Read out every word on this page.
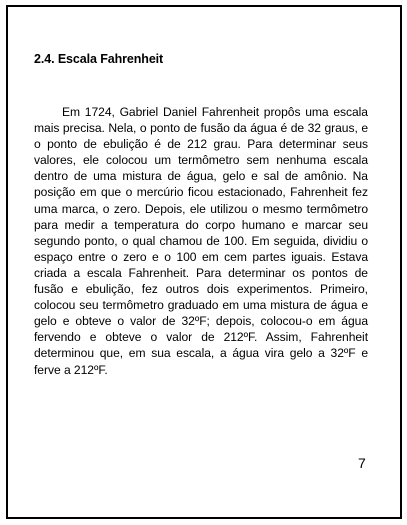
2.4. Escala Fahrenheit

Em 1724, Gabriel Daniel Fahrenheit propôs uma escala mais precisa. Nela, o ponto de fusão da água é de 32 graus, e o ponto de ebulição é de 212 grau. Para determinar seus valores, ele colocou um termômetro sem nenhuma escala dentro de uma mistura de água, gelo e sal de amônio. Na posição em que o mercúrio ficou estacionado, Fahrenheit fez uma marca, o zero. Depois, ele utilizou o mesmo termômetro para medir a temperatura do corpo humano e marcar seu segundo ponto, o qual chamou de 100. Em seguida, dividiu o espaço entre o zero e o 100 em cem partes iguais. Estava criada a escala Fahrenheit. Para determinar os pontos de fusão e ebulição, fez outros dois experimentos. Primeiro, colocou seu termômetro graduado em uma mistura de água e gelo e obteve o valor de 32ºF; depois, colocou-o em água fervendo e obteve o valor de 212ºF. Assim, Fahrenheit determinou que, em sua escala, a água vira gelo a 32ºF e ferve a 212ºF.

7
